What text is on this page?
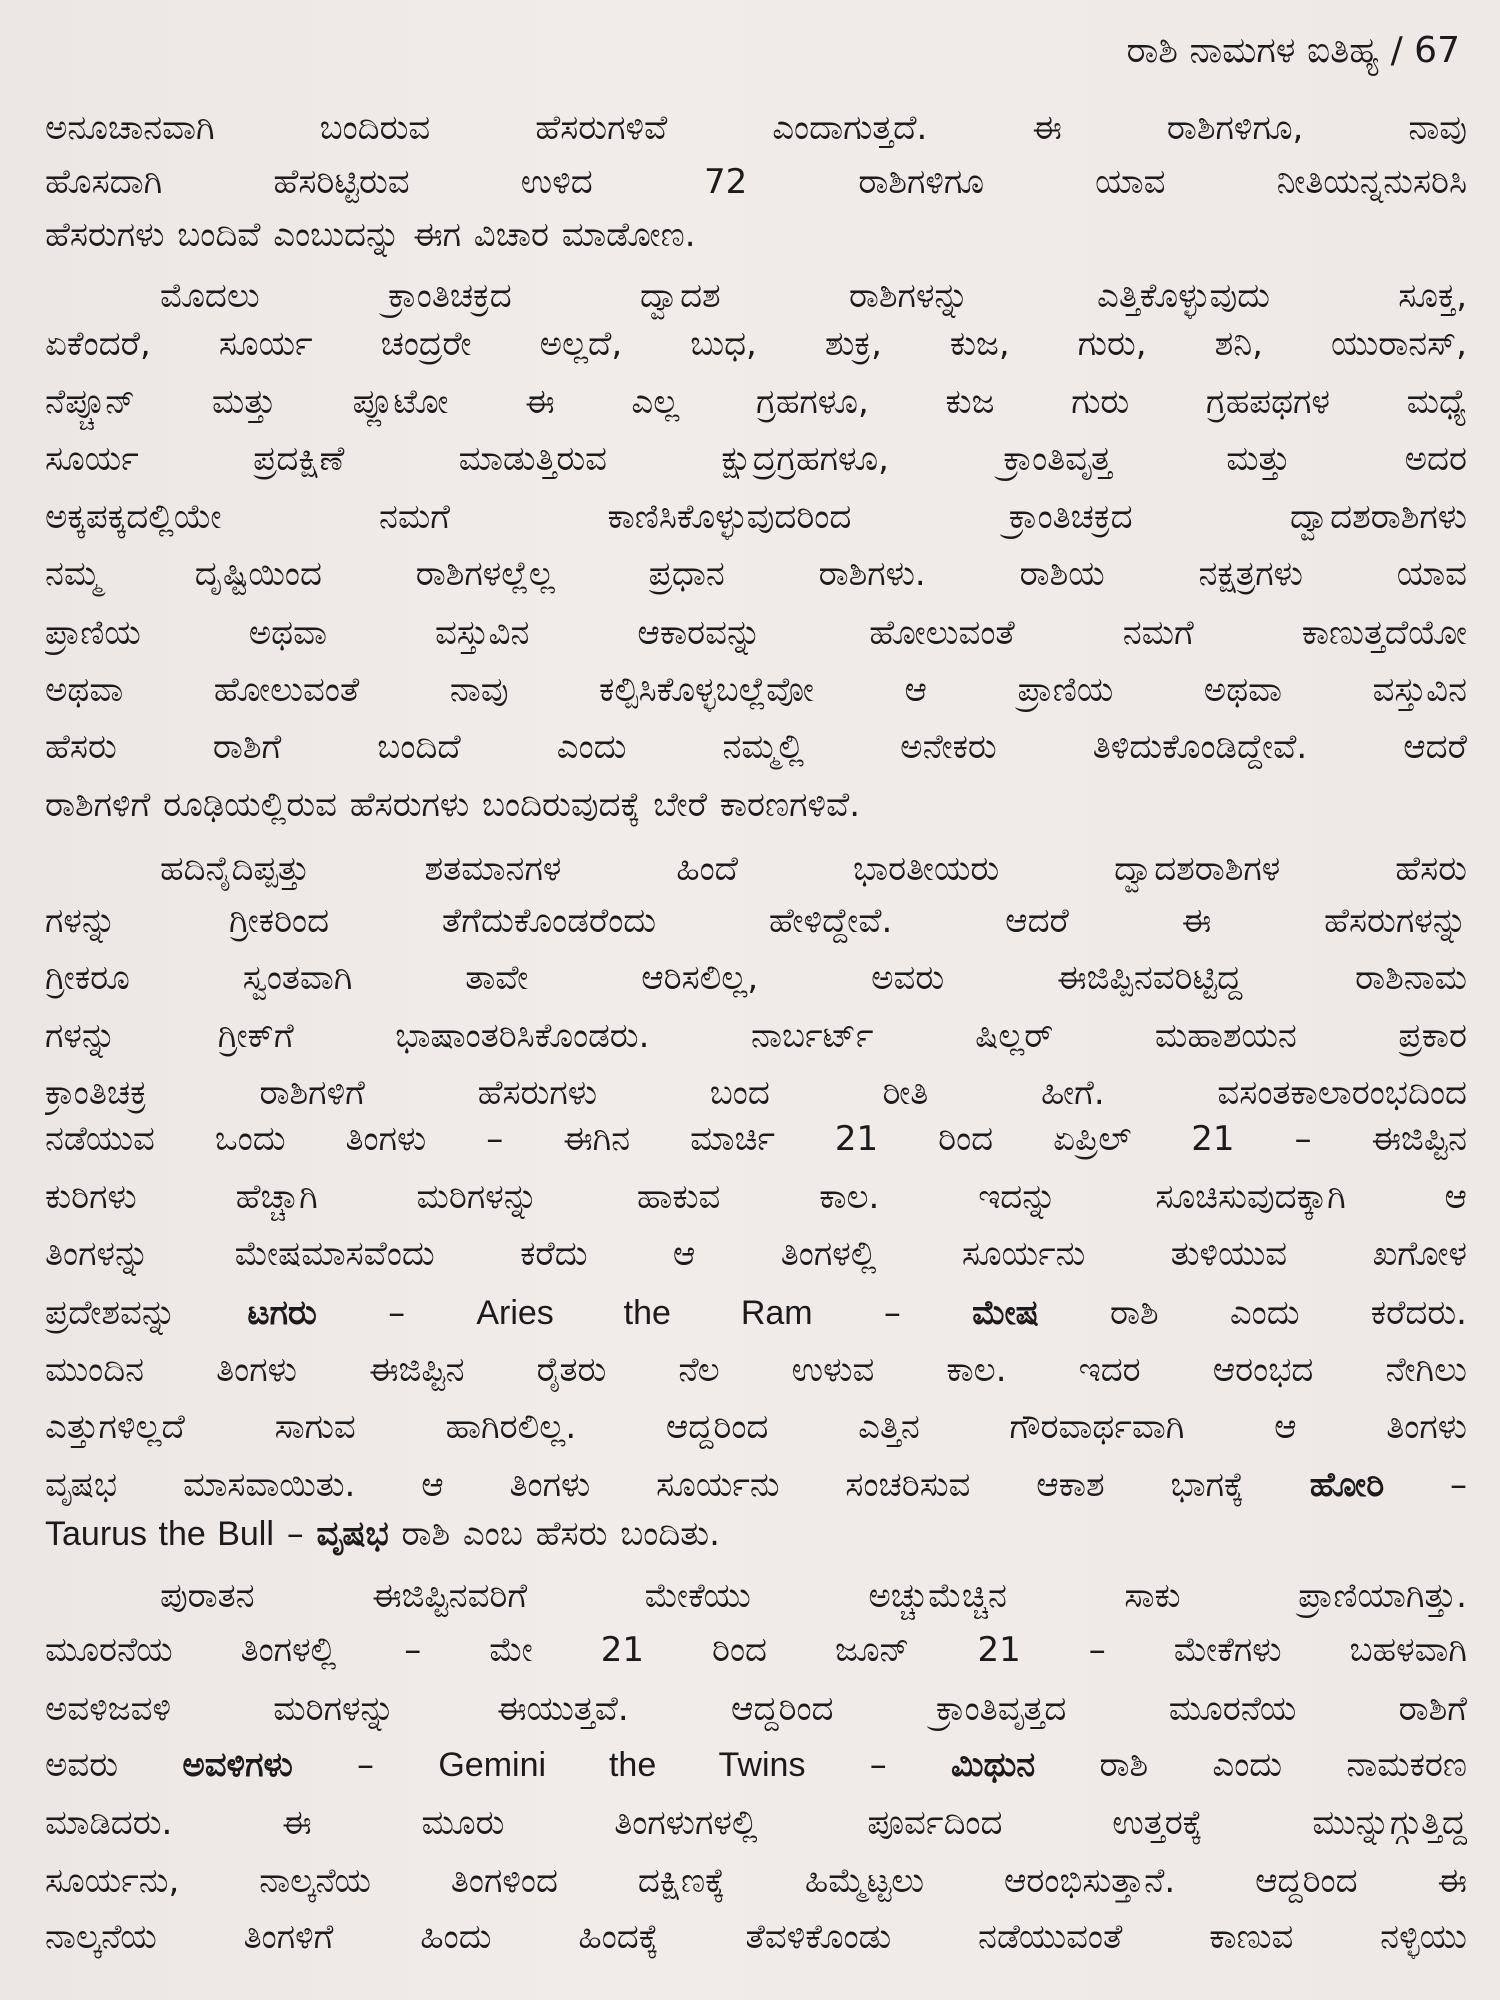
ರಾಶಿ ನಾಮಗಳ ಐತಿಹ್ಯ / 67
ಅನೂಚಾನವಾಗಿ ಬಂದಿರುವ ಹೆಸರುಗಳಿವೆ ಎಂದಾಗುತ್ತದೆ. ಈ ರಾಶಿಗಳಿಗೂ, ನಾವು
ಹೊಸದಾಗಿ ಹೆಸರಿಟ್ಟಿರುವ ಉಳಿದ 72 ರಾಶಿಗಳಿಗೂ ಯಾವ ನೀತಿಯನ್ನನುಸರಿಸಿ
ಹೆಸರುಗಳು ಬಂದಿವೆ ಎಂಬುದನ್ನು ಈಗ ವಿಚಾರ ಮಾಡೋಣ.
ಮೊದಲು ಕ್ರಾಂತಿಚಕ್ರದ ದ್ವಾದಶ ರಾಶಿಗಳನ್ನು ಎತ್ತಿಕೊಳ್ಳುವುದು ಸೂಕ್ತ,
ಏಕೆಂದರೆ, ಸೂರ್ಯ ಚಂದ್ರರೇ ಅಲ್ಲದೆ, ಬುಧ, ಶುಕ್ರ, ಕುಜ, ಗುರು, ಶನಿ, ಯುರಾನಸ್,
ನೆಪ್ಚೂನ್ ಮತ್ತು ಪ್ಲೂಟೋ ಈ ಎಲ್ಲ ಗ್ರಹಗಳೂ, ಕುಜ ಗುರು ಗ್ರಹಪಥಗಳ ಮಧ್ಯೆ
ಸೂರ್ಯ ಪ್ರದಕ್ಷಿಣೆ ಮಾಡುತ್ತಿರುವ ಕ್ಷುದ್ರಗ್ರಹಗಳೂ, ಕ್ರಾಂತಿವೃತ್ತ ಮತ್ತು ಅದರ
ಅಕ್ಕಪಕ್ಕದಲ್ಲಿಯೇ ನಮಗೆ ಕಾಣಿಸಿಕೊಳ್ಳುವುದರಿಂದ ಕ್ರಾಂತಿಚಕ್ರದ ದ್ವಾದಶರಾಶಿಗಳು
ನಮ್ಮ ದೃಷ್ಟಿಯಿಂದ ರಾಶಿಗಳಲ್ಲೆಲ್ಲ ಪ್ರಧಾನ ರಾಶಿಗಳು. ರಾಶಿಯ ನಕ್ಷತ್ರಗಳು ಯಾವ
ಪ್ರಾಣಿಯ ಅಥವಾ ವಸ್ತುವಿನ ಆಕಾರವನ್ನು ಹೋಲುವಂತೆ ನಮಗೆ ಕಾಣುತ್ತದೆಯೋ
ಅಥವಾ ಹೋಲುವಂತೆ ನಾವು ಕಲ್ಪಿಸಿಕೊಳ್ಳಬಲ್ಲೆವೋ ಆ ಪ್ರಾಣಿಯ ಅಥವಾ ವಸ್ತುವಿನ
ಹೆಸರು ರಾಶಿಗೆ ಬಂದಿದೆ ಎಂದು ನಮ್ಮಲ್ಲಿ ಅನೇಕರು ತಿಳಿದುಕೊಂಡಿದ್ದೇವೆ. ಆದರೆ
ರಾಶಿಗಳಿಗೆ ರೂಢಿಯಲ್ಲಿರುವ ಹೆಸರುಗಳು ಬಂದಿರುವುದಕ್ಕೆ ಬೇರೆ ಕಾರಣಗಳಿವೆ.
ಹದಿನೈದಿಪ್ಪತ್ತು ಶತಮಾನಗಳ ಹಿಂದೆ ಭಾರತೀಯರು ದ್ವಾದಶರಾಶಿಗಳ ಹೆಸರು
ಗಳನ್ನು ಗ್ರೀಕರಿಂದ ತೆಗೆದುಕೊಂಡರೆಂದು ಹೇಳಿದ್ದೇವೆ. ಆದರೆ ಈ ಹೆಸರುಗಳನ್ನು
ಗ್ರೀಕರೂ ಸ್ವಂತವಾಗಿ ತಾವೇ ಆರಿಸಲಿಲ್ಲ, ಅವರು ಈಜಿಪ್ಪಿನವರಿಟ್ಟಿದ್ದ ರಾಶಿನಾಮ
ಗಳನ್ನು ಗ್ರೀಕ್‌ಗೆ ಭಾಷಾಂತರಿಸಿಕೊಂಡರು. ನಾರ್ಬರ್ಟ್ ಷಿಲ್ಲರ್ ಮಹಾಶಯನ ಪ್ರಕಾರ
ಕ್ರಾಂತಿಚಕ್ರ ರಾಶಿಗಳಿಗೆ ಹೆಸರುಗಳು ಬಂದ ರೀತಿ ಹೀಗೆ. ವಸಂತಕಾಲಾರಂಭದಿಂದ
ನಡೆಯುವ ಒಂದು ತಿಂಗಳು – ಈಗಿನ ಮಾರ್ಚಿ 21 ರಿಂದ ಏಪ್ರಿಲ್ 21 – ಈಜಿಪ್ಟಿನ
ಕುರಿಗಳು ಹೆಚ್ಚಾಗಿ ಮರಿಗಳನ್ನು ಹಾಕುವ ಕಾಲ. ಇದನ್ನು ಸೂಚಿಸುವುದಕ್ಕಾಗಿ ಆ
ತಿಂಗಳನ್ನು ಮೇಷಮಾಸವೆಂದು ಕರೆದು ಆ ತಿಂಗಳಲ್ಲಿ ಸೂರ್ಯನು ತುಳಿಯುವ ಖಗೋಳ
ಪ್ರದೇಶವನ್ನು ಟಗರು – Aries the Ram – ಮೇಷ ರಾಶಿ ಎಂದು ಕರೆದರು.
ಮುಂದಿನ ತಿಂಗಳು ಈಜಿಪ್ಟಿನ ರೈತರು ನೆಲ ಉಳುವ ಕಾಲ. ಇದರ ಆರಂಭದ ನೇಗಿಲು
ಎತ್ತುಗಳಿಲ್ಲದೆ ಸಾಗುವ ಹಾಗಿರಲಿಲ್ಲ. ಆದ್ದರಿಂದ ಎತ್ತಿನ ಗೌರವಾರ್ಥವಾಗಿ ಆ ತಿಂಗಳು
ವೃಷಭ ಮಾಸವಾಯಿತು. ಆ ತಿಂಗಳು ಸೂರ್ಯನು ಸಂಚರಿಸುವ ಆಕಾಶ ಭಾಗಕ್ಕೆ ಹೋರಿ –
Taurus the Bull – ವೃಷಭ ರಾಶಿ ಎಂಬ ಹೆಸರು ಬಂದಿತು.
ಪುರಾತನ ಈಜಿಪ್ಟಿನವರಿಗೆ ಮೇಕೆಯು ಅಚ್ಚುಮೆಚ್ಚಿನ ಸಾಕು ಪ್ರಾಣಿಯಾಗಿತ್ತು.
ಮೂರನೆಯ ತಿಂಗಳಲ್ಲಿ – ಮೇ 21 ರಿಂದ ಜೂನ್ 21 – ಮೇಕೆಗಳು ಬಹಳವಾಗಿ
ಅವಳಿಜವಳಿ ಮರಿಗಳನ್ನು ಈಯುತ್ತವೆ. ಆದ್ದರಿಂದ ಕ್ರಾಂತಿವೃತ್ತದ ಮೂರನೆಯ ರಾಶಿಗೆ
ಅವರು ಅವಳಿಗಳು – Gemini the Twins – ಮಿಥುನ ರಾಶಿ ಎಂದು ನಾಮಕರಣ
ಮಾಡಿದರು. ಈ ಮೂರು ತಿಂಗಳುಗಳಲ್ಲಿ ಪೂರ್ವದಿಂದ ಉತ್ತರಕ್ಕೆ ಮುನ್ನುಗ್ಗುತ್ತಿದ್ದ
ಸೂರ್ಯನು, ನಾಲ್ಕನೆಯ ತಿಂಗಳಿಂದ ದಕ್ಷಿಣಕ್ಕೆ ಹಿಮ್ಮೆಟ್ಟಲು ಆರಂಭಿಸುತ್ತಾನೆ. ಆದ್ದರಿಂದ ಈ
ನಾಲ್ಕನೆಯ ತಿಂಗಳಿಗೆ ಹಿಂದು ಹಿಂದಕ್ಕೆ ತೆವಳಿಕೊಂಡು ನಡೆಯುವಂತೆ ಕಾಣುವ ನಳ್ಳಿಯು
